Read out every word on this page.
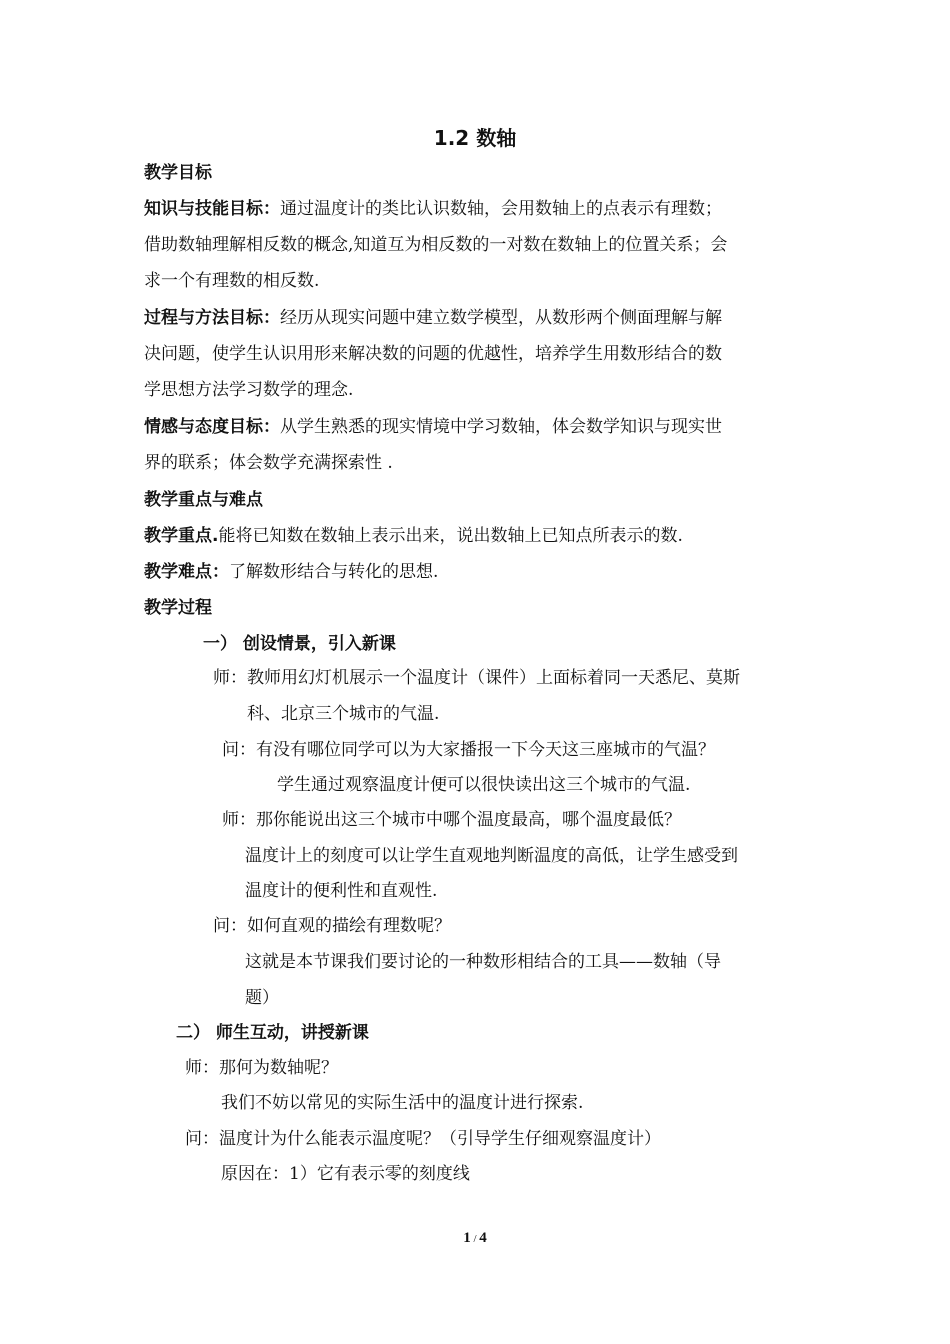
1.2 数轴
教学目标
知识与技能目标：通过温度计的类比认识数轴，会用数轴上的点表示有理数；
借助数轴理解相反数的概念,知道互为相反数的一对数在数轴上的位置关系；会
求一个有理数的相反数.
过程与方法目标：经历从现实问题中建立数学模型，从数形两个侧面理解与解
决问题，使学生认识用形来解决数的问题的优越性，培养学生用数形结合的数
学思想方法学习数学的理念.
情感与态度目标：从学生熟悉的现实情境中学习数轴，体会数学知识与现实世
界的联系；体会数学充满探索性 .
教学重点与难点
教学重点.能将已知数在数轴上表示出来，说出数轴上已知点所表示的数.
教学难点：了解数形结合与转化的思想.
教学过程
一） 创设情景，引入新课
师：教师用幻灯机展示一个温度计（课件）上面标着同一天悉尼、莫斯
科、北京三个城市的气温.
问：有没有哪位同学可以为大家播报一下今天这三座城市的气温？
学生通过观察温度计便可以很快读出这三个城市的气温.
师：那你能说出这三个城市中哪个温度最高，哪个温度最低？
温度计上的刻度可以让学生直观地判断温度的高低，让学生感受到
温度计的便利性和直观性.
问：如何直观的描绘有理数呢？
这就是本节课我们要讨论的一种数形相结合的工具——数轴（导
题）
二） 师生互动，讲授新课
师：那何为数轴呢？
我们不妨以常见的实际生活中的温度计进行探索.
问：温度计为什么能表示温度呢？（引导学生仔细观察温度计）
原因在：1）它有表示零的刻度线
1 / 4
